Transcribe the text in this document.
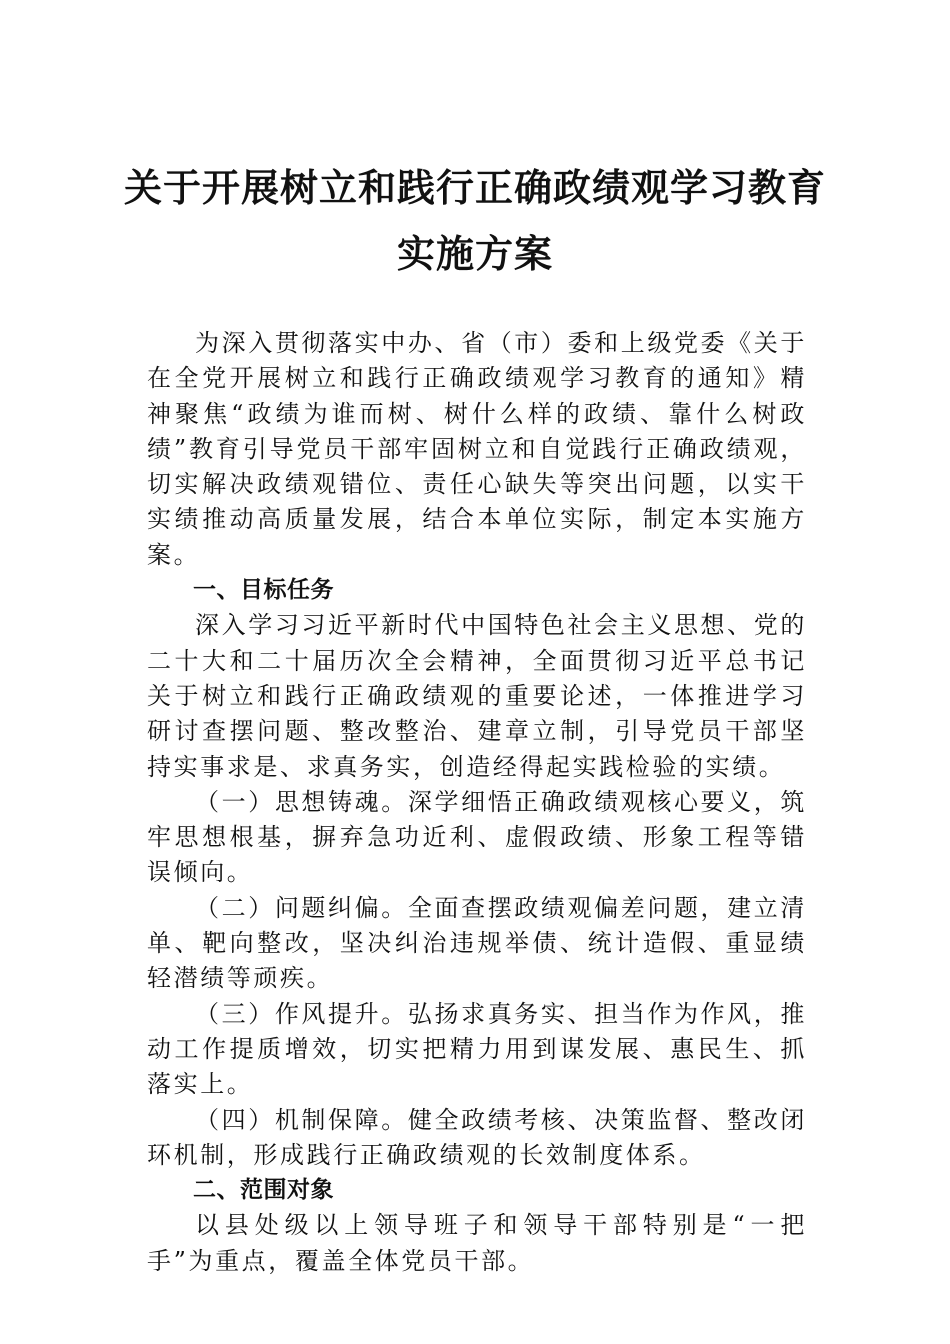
关于开展树立和践行正确政绩观学习教育
实施方案

为深入贯彻落实中办、省（市）委和上级党委《关于在全党开展树立和践行正确政绩观学习教育的通知》精神聚焦“政绩为谁而树、树什么样的政绩、靠什么树政绩”教育引导党员干部牢固树立和自觉践行正确政绩观，切实解决政绩观错位、责任心缺失等突出问题，以实干实绩推动高质量发展，结合本单位实际，制定本实施方案。

一、目标任务

深入学习习近平新时代中国特色社会主义思想、党的二十大和二十届历次全会精神，全面贯彻习近平总书记关于树立和践行正确政绩观的重要论述，一体推进学习研讨查摆问题、整改整治、建章立制，引导党员干部坚持实事求是、求真务实，创造经得起实践检验的实绩。

（一）思想铸魂。深学细悟正确政绩观核心要义，筑牢思想根基，摒弃急功近利、虚假政绩、形象工程等错误倾向。

（二）问题纠偏。全面查摆政绩观偏差问题，建立清单、靶向整改，坚决纠治违规举债、统计造假、重显绩轻潜绩等顽疾。

（三）作风提升。弘扬求真务实、担当作为作风，推动工作提质增效，切实把精力用到谋发展、惠民生、抓落实上。

（四）机制保障。健全政绩考核、决策监督、整改闭环机制，形成践行正确政绩观的长效制度体系。

二、范围对象

以县处级以上领导班子和领导干部特别是“一把手”为重点，覆盖全体党员干部。
